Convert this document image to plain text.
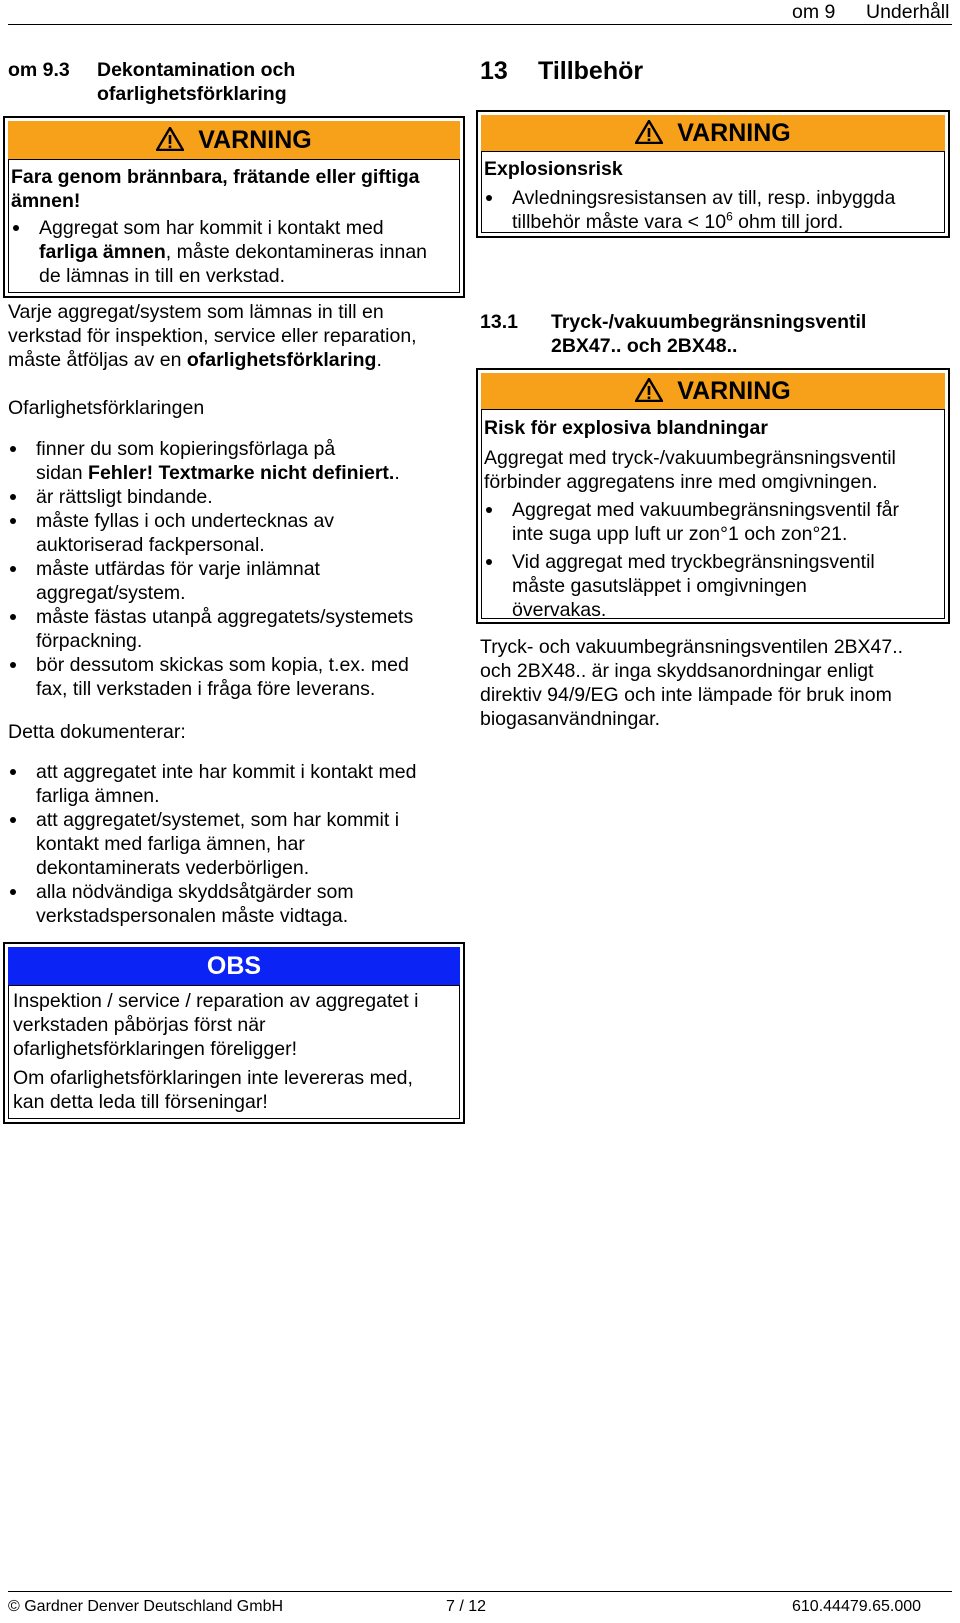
om 9 Underhåll
om 9.3 Dekontamination och
ofarlighetsförklaring
VARNING
Fara genom brännbara, frätande eller giftiga
ämnen!
Aggregat som har kommit i kontakt med
farliga ämnen, måste dekontamineras innan
de lämnas in till en verkstad.
Varje aggregat/system som lämnas in till en
verkstad för inspektion, service eller reparation,
måste åtföljas av en ofarlighetsförklaring.
Ofarlighetsförklaringen
finner du som kopieringsförlaga på
sidan Fehler! Textmarke nicht definiert..
är rättsligt bindande.
måste fyllas i och undertecknas av
auktoriserad fackpersonal.
måste utfärdas för varje inlämnat
aggregat/system.
måste fästas utanpå aggregatets/systemets
förpackning.
bör dessutom skickas som kopia, t.ex. med
fax, till verkstaden i fråga före leverans.
Detta dokumenterar:
att aggregatet inte har kommit i kontakt med
farliga ämnen.
att aggregatet/systemet, som har kommit i
kontakt med farliga ämnen, har
dekontaminerats vederbörligen.
alla nödvändiga skyddsåtgärder som
verkstadspersonalen måste vidtaga.
OBS
Inspektion / service / reparation av aggregatet i
verkstaden påbörjas först när
ofarlighetsförklaringen föreligger!
Om ofarlighetsförklaringen inte levereras med,
kan detta leda till förseningar!
13 Tillbehör
VARNING
Explosionsrisk
Avledningsresistansen av till, resp. inbyggda
tillbehör måste vara < $10^6$ ohm till jord.
13.1 Tryck-/vakuumbegränsningsventil
2BX47.. och 2BX48..
VARNING
Risk för explosiva blandningar
Aggregat med tryck-/vakuumbegränsningsventil
förbinder aggregatens inre med omgivningen.
Aggregat med vakuumbegränsningsventil får
inte suga upp luft ur zon°1 och zon°21.
Vid aggregat med tryckbegränsningsventil
måste gasutsläppet i omgivningen
övervakas.
Tryck- och vakuumbegränsningsventilen 2BX47..
och 2BX48.. är inga skyddsanordningar enligt
direktiv 94/9/EG och inte lämpade för bruk inom
biogasanvändningar.
© Gardner Denver Deutschland GmbH	7 / 12	610.44479.65.000
